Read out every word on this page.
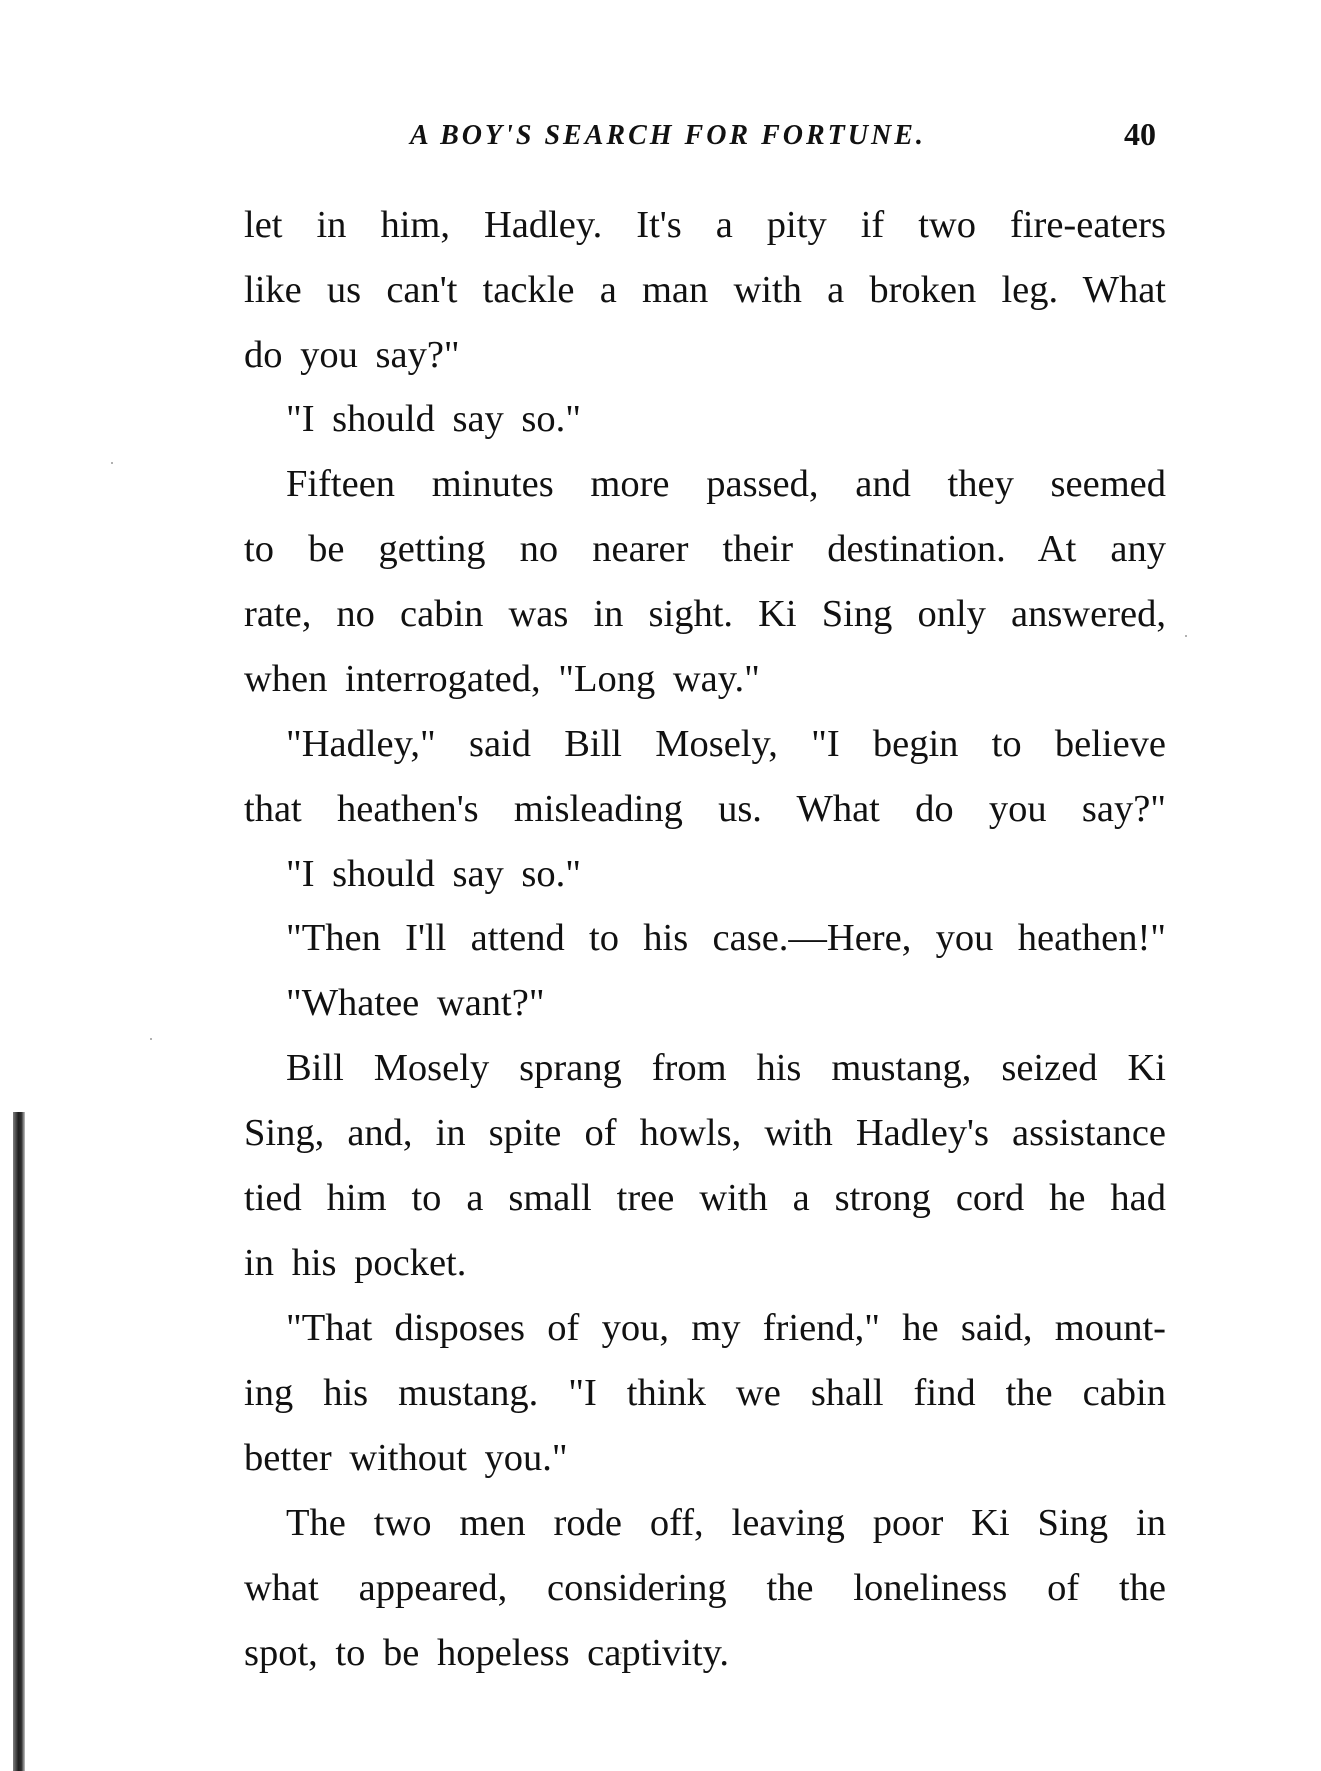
A BOY'S SEARCH FOR FORTUNE.	40
let in him, Hadley. It's a pity if two fire-eaters
like us can't tackle a man with a broken leg. What
do you say?"
"I should say so."
Fifteen minutes more passed, and they seemed
to be getting no nearer their destination. At any
rate, no cabin was in sight. Ki Sing only answered,
when interrogated, "Long way."
"Hadley," said Bill Mosely, "I begin to believe
that heathen's misleading us. What do you say?"
"I should say so."
"Then I'll attend to his case.—Here, you heathen!"
"Whatee want?"
Bill Mosely sprang from his mustang, seized Ki
Sing, and, in spite of howls, with Hadley's assistance
tied him to a small tree with a strong cord he had
in his pocket.
"That disposes of you, my friend," he said, mount-
ing his mustang. "I think we shall find the cabin
better without you."
The two men rode off, leaving poor Ki Sing in
what appeared, considering the loneliness of the
spot, to be hopeless captivity.
